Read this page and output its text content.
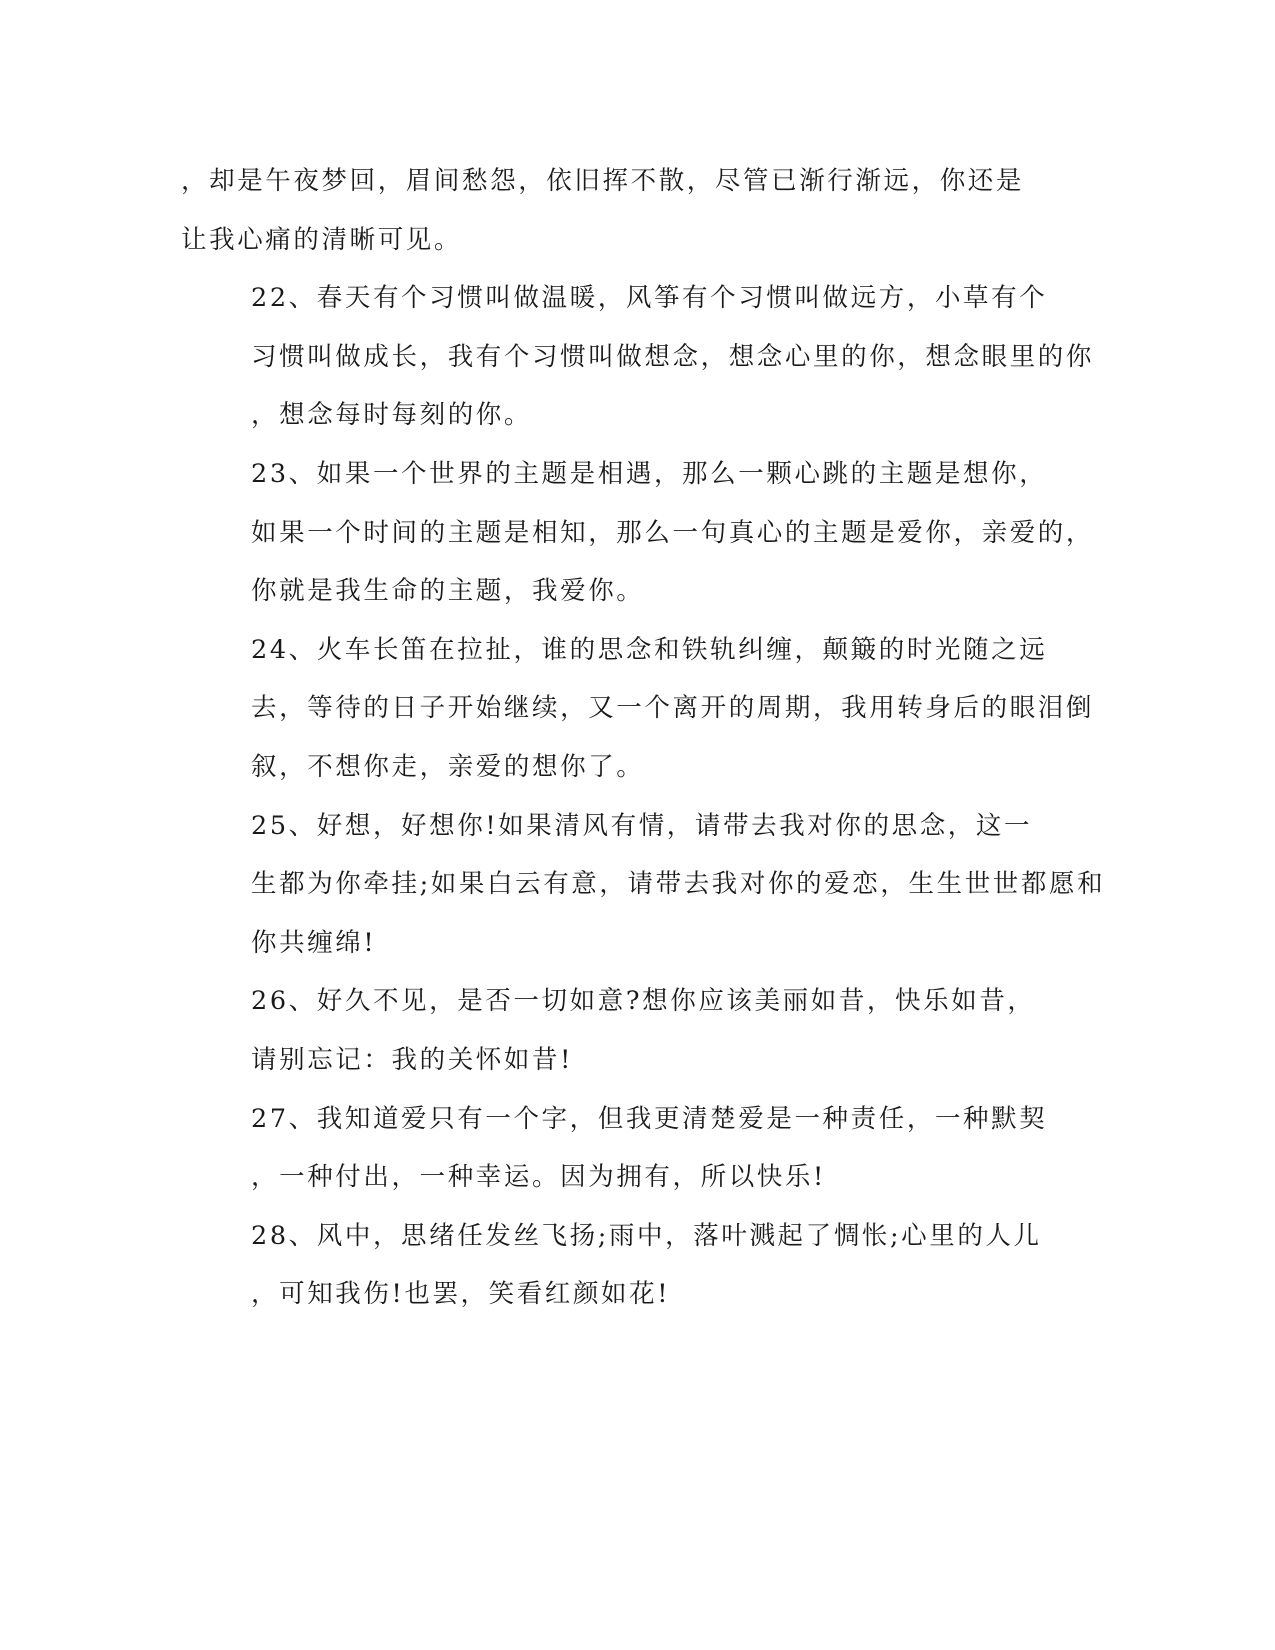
，却是午夜梦回，眉间愁怨，依旧挥不散，尽管已渐行渐远，你还是
让我心痛的清晰可见。

22、春天有个习惯叫做温暖，风筝有个习惯叫做远方，小草有个
习惯叫做成长，我有个习惯叫做想念，想念心里的你，想念眼里的你
，想念每时每刻的你。

23、如果一个世界的主题是相遇，那么一颗心跳的主题是想你，
如果一个时间的主题是相知，那么一句真心的主题是爱你，亲爱的，
你就是我生命的主题，我爱你。

24、火车长笛在拉扯，谁的思念和铁轨纠缠，颠簸的时光随之远
去，等待的日子开始继续，又一个离开的周期，我用转身后的眼泪倒
叙，不想你走，亲爱的想你了。

25、好想，好想你!如果清风有情，请带去我对你的思念，这一
生都为你牵挂;如果白云有意，请带去我对你的爱恋，生生世世都愿和
你共缠绵!

26、好久不见，是否一切如意?想你应该美丽如昔，快乐如昔，
请别忘记：我的关怀如昔!

27、我知道爱只有一个字，但我更清楚爱是一种责任，一种默契
，一种付出，一种幸运。因为拥有，所以快乐!

28、风中，思绪任发丝飞扬;雨中，落叶溅起了惆怅;心里的人儿
，可知我伤!也罢，笑看红颜如花!
